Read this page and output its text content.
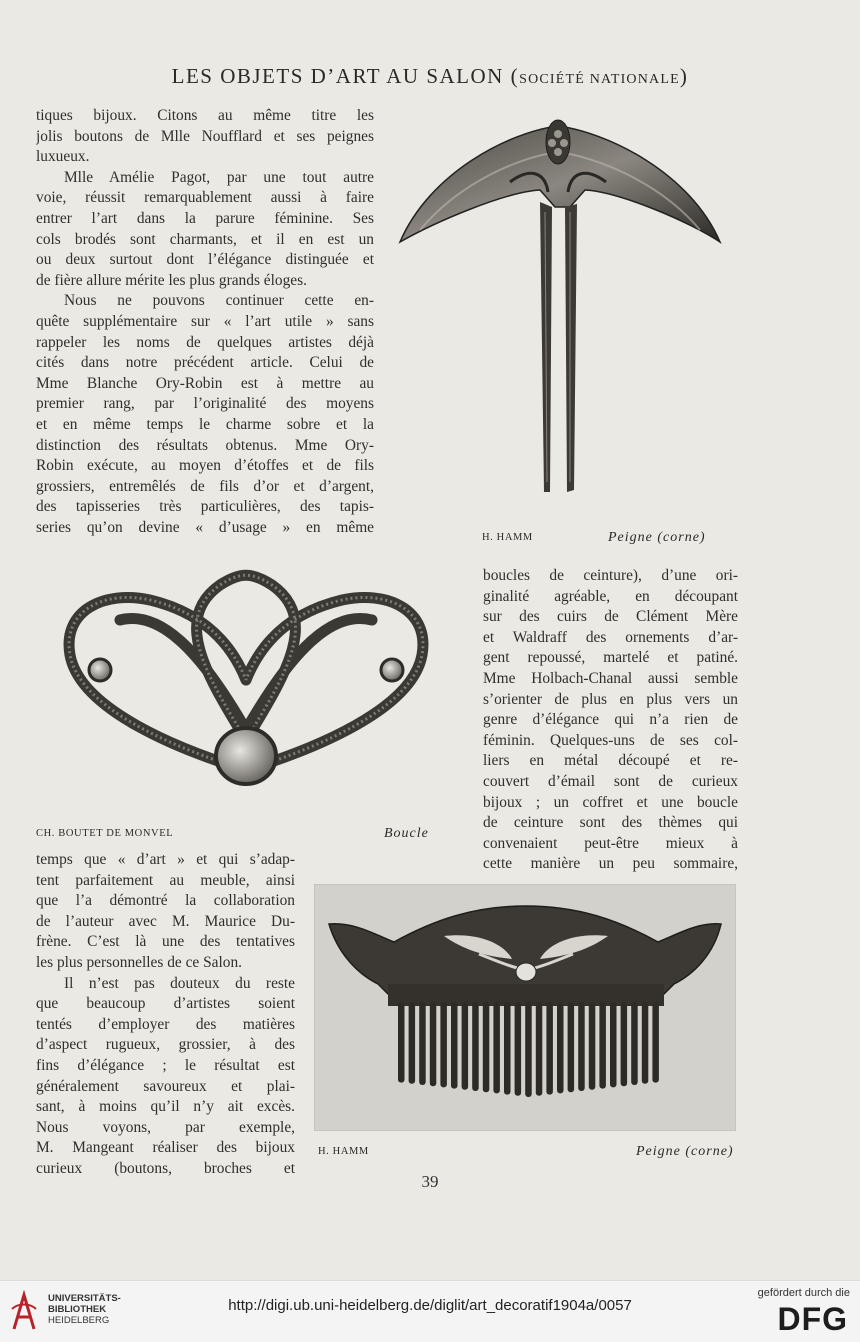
LES OBJETS D’ART AU SALON (SOCIÉTÉ NATIONALE)
tiques bijoux. Citons au même titre les
jolis boutons de Mlle Noufflard et ses peignes
luxueux.
Mlle Amélie Pagot, par une tout autre
voie, réussit remarquablement aussi à faire
entrer l’art dans la parure féminine. Ses
cols brodés sont charmants, et il en est un
ou deux surtout dont l’élégance distinguée et
de fière allure mérite les plus grands éloges.
Nous ne pouvons continuer cette en-
quête supplémentaire sur « l’art utile » sans
rappeler les noms de quelques artistes déjà
cités dans notre précédent article. Celui de
Mme Blanche Ory-Robin est à mettre au
premier rang, par l’originalité des moyens
et en même temps le charme sobre et la
distinction des résultats obtenus. Mme Ory-
Robin exécute, au moyen d’étoffes et de fils
grossiers, entremêlés de fils d’or et d’argent,
des tapisseries très particulières, des tapis-
series qu’on devine « d’usage » en même
H. HAMM	Peigne (corne)
CH. BOUTET DE MONVEL	Boucle
boucles de ceinture), d’une ori-
ginalité agréable, en découpant
sur des cuirs de Clément Mère
et Waldraff des ornements d’ar-
gent repoussé, martelé et patiné.
Mme Holbach-Chanal aussi semble
s’orienter de plus en plus vers un
genre d’élégance qui n’a rien de
féminin. Quelques-uns de ses col-
liers en métal découpé et re-
couvert d’émail sont de curieux
bijoux ; un coffret et une boucle
de ceinture sont des thèmes qui
convenaient peut-être mieux à
cette manière un peu sommaire,
temps que « d’art » et qui s’adap-
tent parfaitement au meuble, ainsi
que l’a démontré la collaboration
de l’auteur avec M. Maurice Du-
frène. C’est là une des tentatives
les plus personnelles de ce Salon.
Il n’est pas douteux du reste
que beaucoup d’artistes soient
tentés d’employer des matières
d’aspect rugueux, grossier, à des
fins d’élégance ; le résultat est
généralement savoureux et plai-
sant, à moins qu’il n’y ait excès.
Nous voyons, par exemple,
M. Mangeant réaliser des bijoux
curieux (boutons, broches et
H. HAMM	Peigne (corne)
39
UNIVERSITÄTS-
BIBLIOTHEK
HEIDELBERG
http://digi.ub.uni-heidelberg.de/diglit/art_decoratif1904a/0057
gefördert durch die
DFG
